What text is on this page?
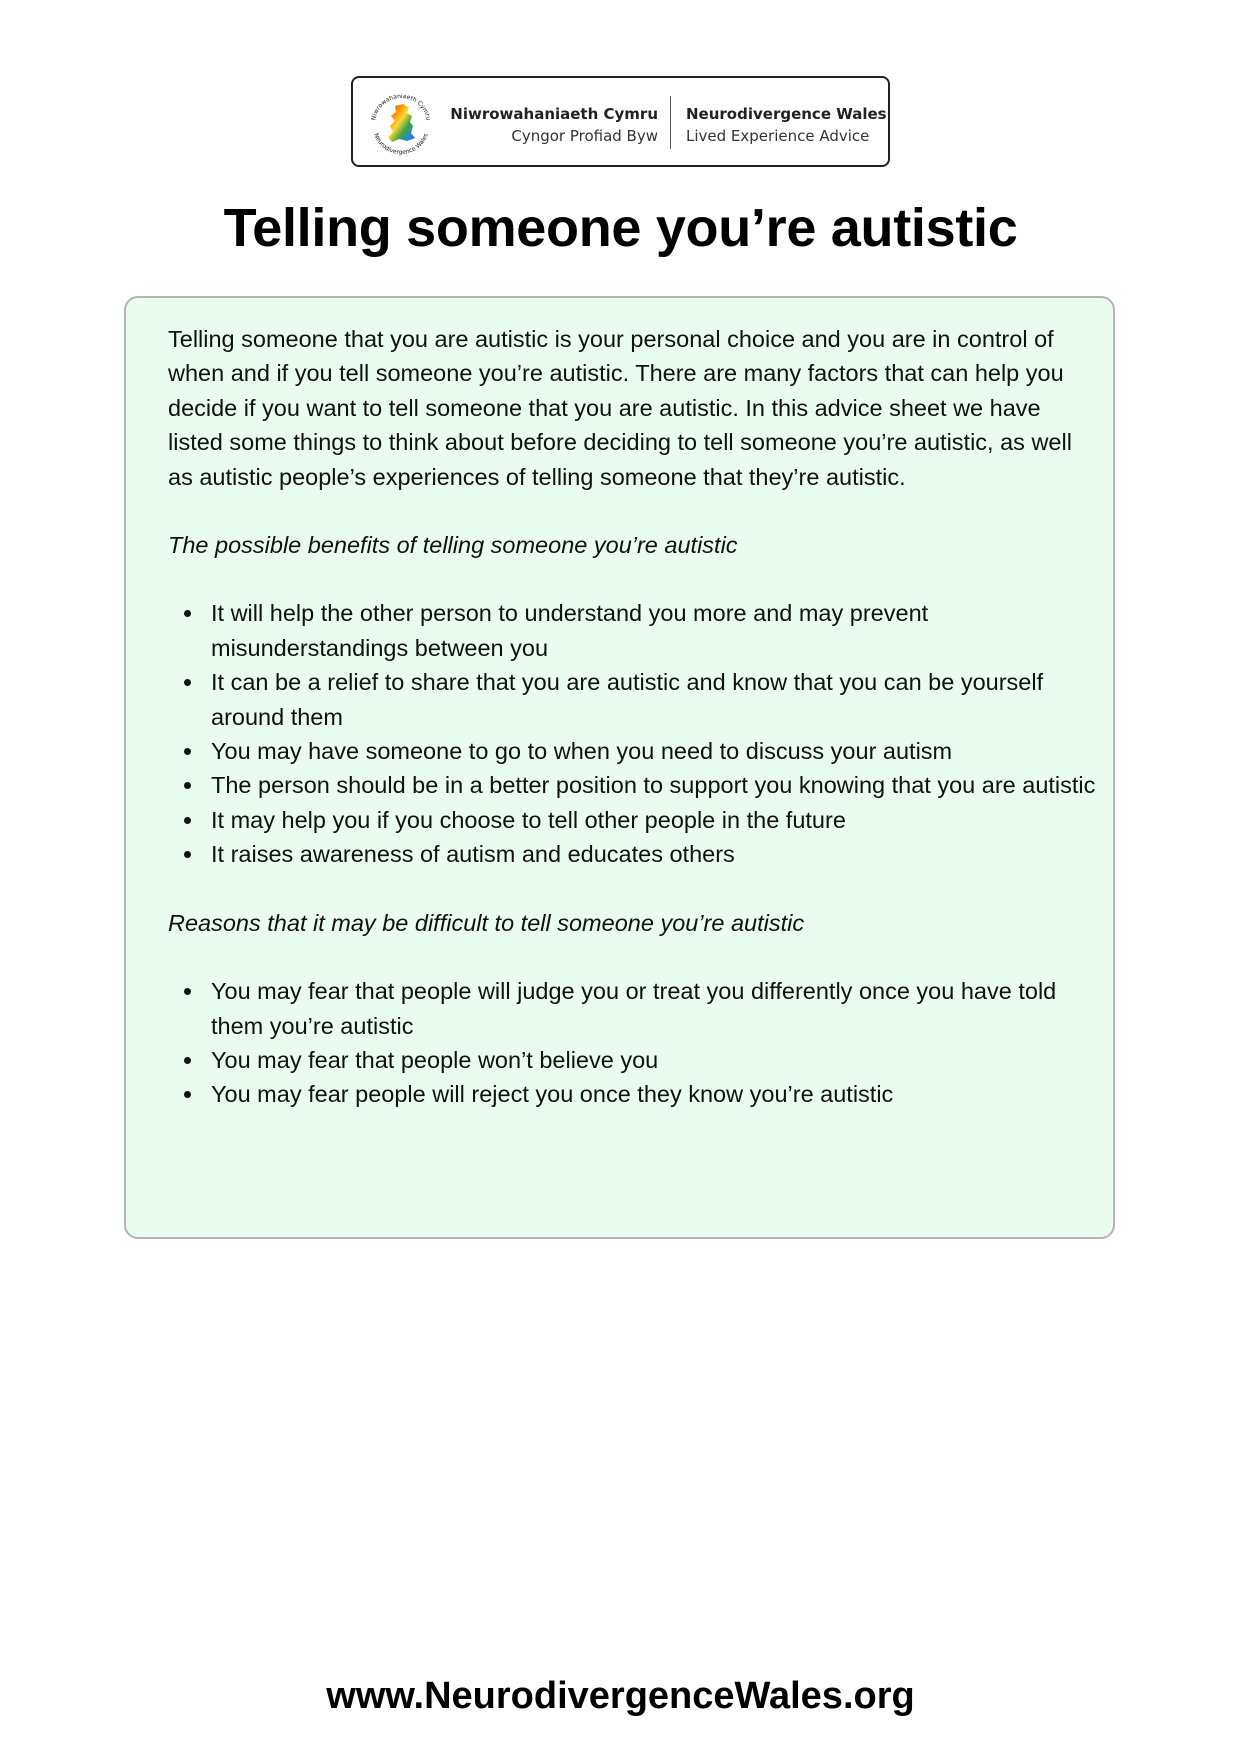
Niwrowahaniaeth Cymru
Neurodivergence Wales
Niwrowahaniaeth Cymru
Cyngor Profiad Byw
Neurodivergence Wales
Lived Experience Advice
Telling someone you’re autistic

Telling someone that you are autistic is your personal choice and you are in control of when and if you tell someone you’re autistic. There are many factors that can help you decide if you want to tell someone that you are autistic. In this advice sheet we have listed some things to think about before deciding to tell someone you’re autistic, as well as autistic people’s experiences of telling someone that they’re autistic.

The possible benefits of telling someone you’re autistic

It will help the other person to understand you more and may prevent misunderstandings between you
It can be a relief to share that you are autistic and know that you can be yourself around them
You may have someone to go to when you need to discuss your autism
The person should be in a better position to support you knowing that you are autistic
It may help you if you choose to tell other people in the future
It raises awareness of autism and educates others

Reasons that it may be difficult to tell someone you’re autistic

You may fear that people will judge you or treat you differently once you have told them you’re autistic
You may fear that people won’t believe you
You may fear people will reject you once they know you’re autistic
www.NeurodivergenceWales.org
